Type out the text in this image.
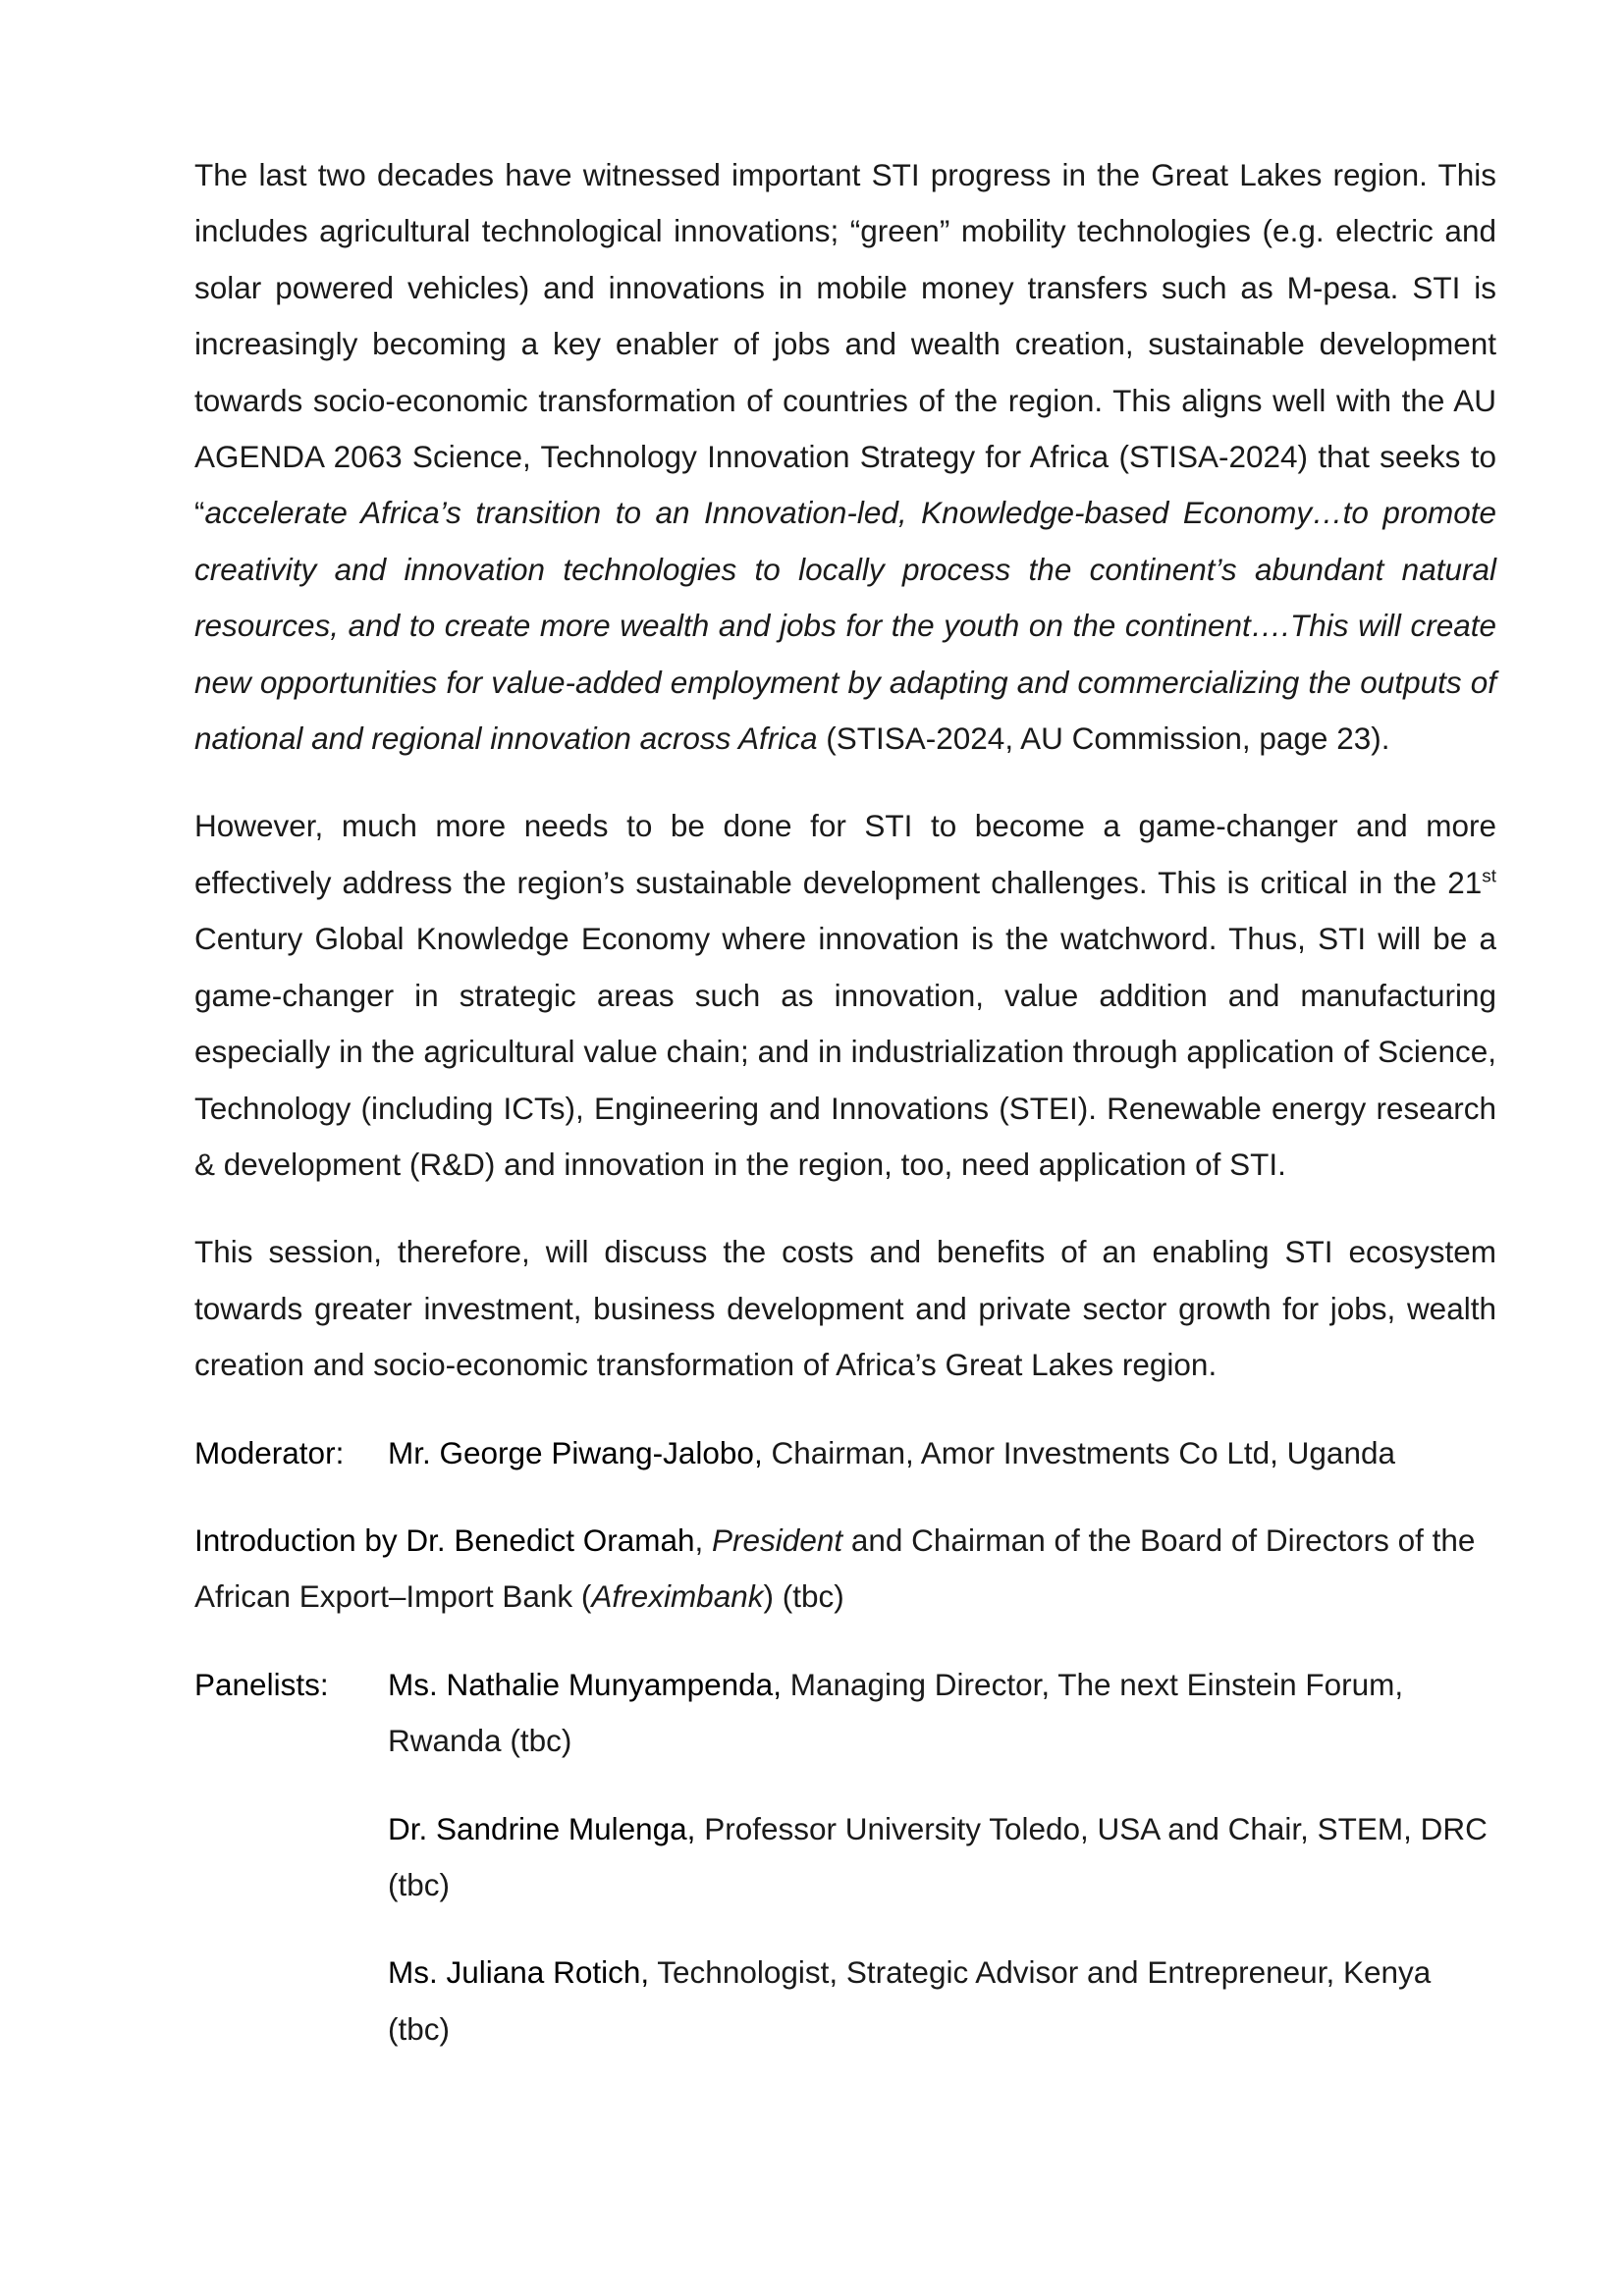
The last two decades have witnessed important STI progress in the Great Lakes region. This includes agricultural technological innovations; “green” mobility technologies (e.g. electric and solar powered vehicles) and innovations in mobile money transfers such as M-pesa. STI is increasingly becoming a key enabler of jobs and wealth creation, sustainable development towards socio-economic transformation of countries of the region. This aligns well with the AU AGENDA 2063 Science, Technology Innovation Strategy for Africa (STISA-2024) that seeks to “accelerate Africa’s transition to an Innovation-led, Knowledge-based Economy…to promote creativity and innovation technologies to locally process the continent’s abundant natural resources, and to create more wealth and jobs for the youth on the continent….This will create new opportunities for value-added employment by adapting and commercializing the outputs of national and regional innovation across Africa (STISA-2024, AU Commission, page 23).

However, much more needs to be done for STI to become a game-changer and more effectively address the region’s sustainable development challenges. This is critical in the 21st Century Global Knowledge Economy where innovation is the watchword. Thus, STI will be a game-changer in strategic areas such as innovation, value addition and manufacturing especially in the agricultural value chain; and in industrialization through application of Science, Technology (including ICTs), Engineering and Innovations (STEI). Renewable energy research & development (R&D) and innovation in the region, too, need application of STI.

This session, therefore, will discuss the costs and benefits of an enabling STI ecosystem towards greater investment, business development and private sector growth for jobs, wealth creation and socio-economic transformation of Africa’s Great Lakes region.

Moderator:	Mr. George Piwang-Jalobo, Chairman, Amor Investments Co Ltd, Uganda

Introduction by Dr. Benedict Oramah, President and Chairman of the Board of Directors of the African Export–Import Bank (Afreximbank) (tbc)

Panelists:	Ms. Nathalie Munyampenda, Managing Director, The next Einstein Forum, Rwanda (tbc)
Dr. Sandrine Mulenga, Professor University Toledo, USA and Chair, STEM, DRC (tbc)
Ms. Juliana Rotich, Technologist, Strategic Advisor and Entrepreneur, Kenya (tbc)
